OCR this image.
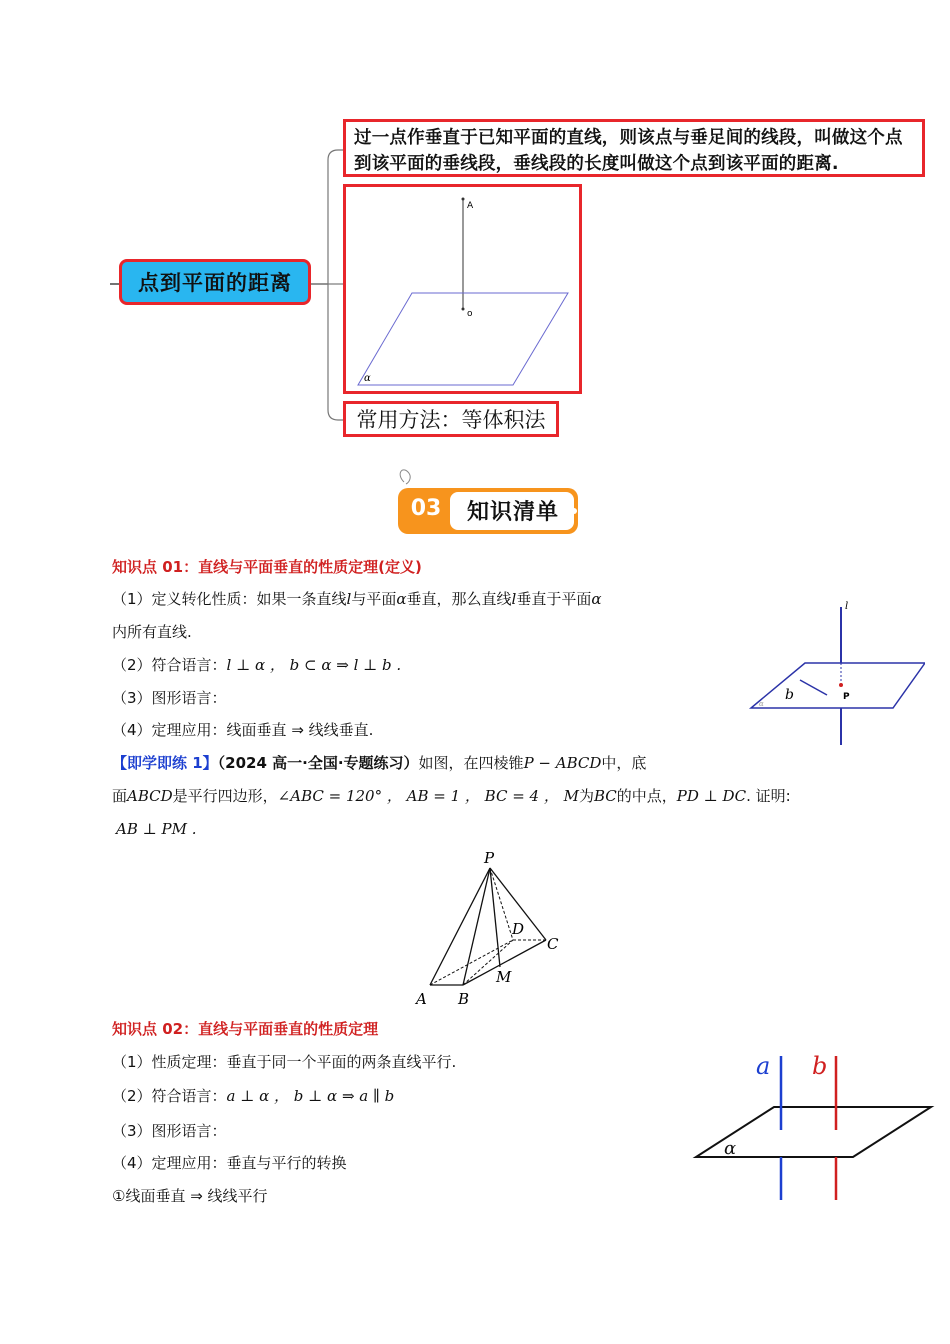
点到平面的距离
过一点作垂直于已知平面的直线，则该点与垂足间的线段，叫做这个点
到该平面的垂线段，垂线段的长度叫做这个点到该平面的距离.
A
o
α
常用方法：等体积法
03	知识清单
知识点 01：直线与平面垂直的性质定理(定义)
（1）定义转化性质：如果一条直线l与平面α垂直，那么直线l垂直于平面α
内所有直线.
（2）符合语言：l ⊥ α ， b ⊂ α ⇒ l ⊥ b .
（3）图形语言：
（4）定理应用：线面垂直 ⇒ 线线垂直.
l
b	P
α
【即学即练 1】（2024 高一·全国·专题练习）如图，在四棱锥P − ABCD中，底
面ABCD是平行四边形，∠ABC = 120° ， AB = 1 ， BC = 4 ， M为BC的中点，PD ⊥ DC. 证明:
AB ⊥ PM .
P
A B
C
D
M
知识点 02：直线与平面垂直的性质定理
（1）性质定理：垂直于同一个平面的两条直线平行.
（2）符合语言：a ⊥ α ， b ⊥ α ⇒ a ∥ b
（3）图形语言：
（4）定理应用：垂直与平行的转换
①线面垂直 ⇒ 线线平行
a b
α
